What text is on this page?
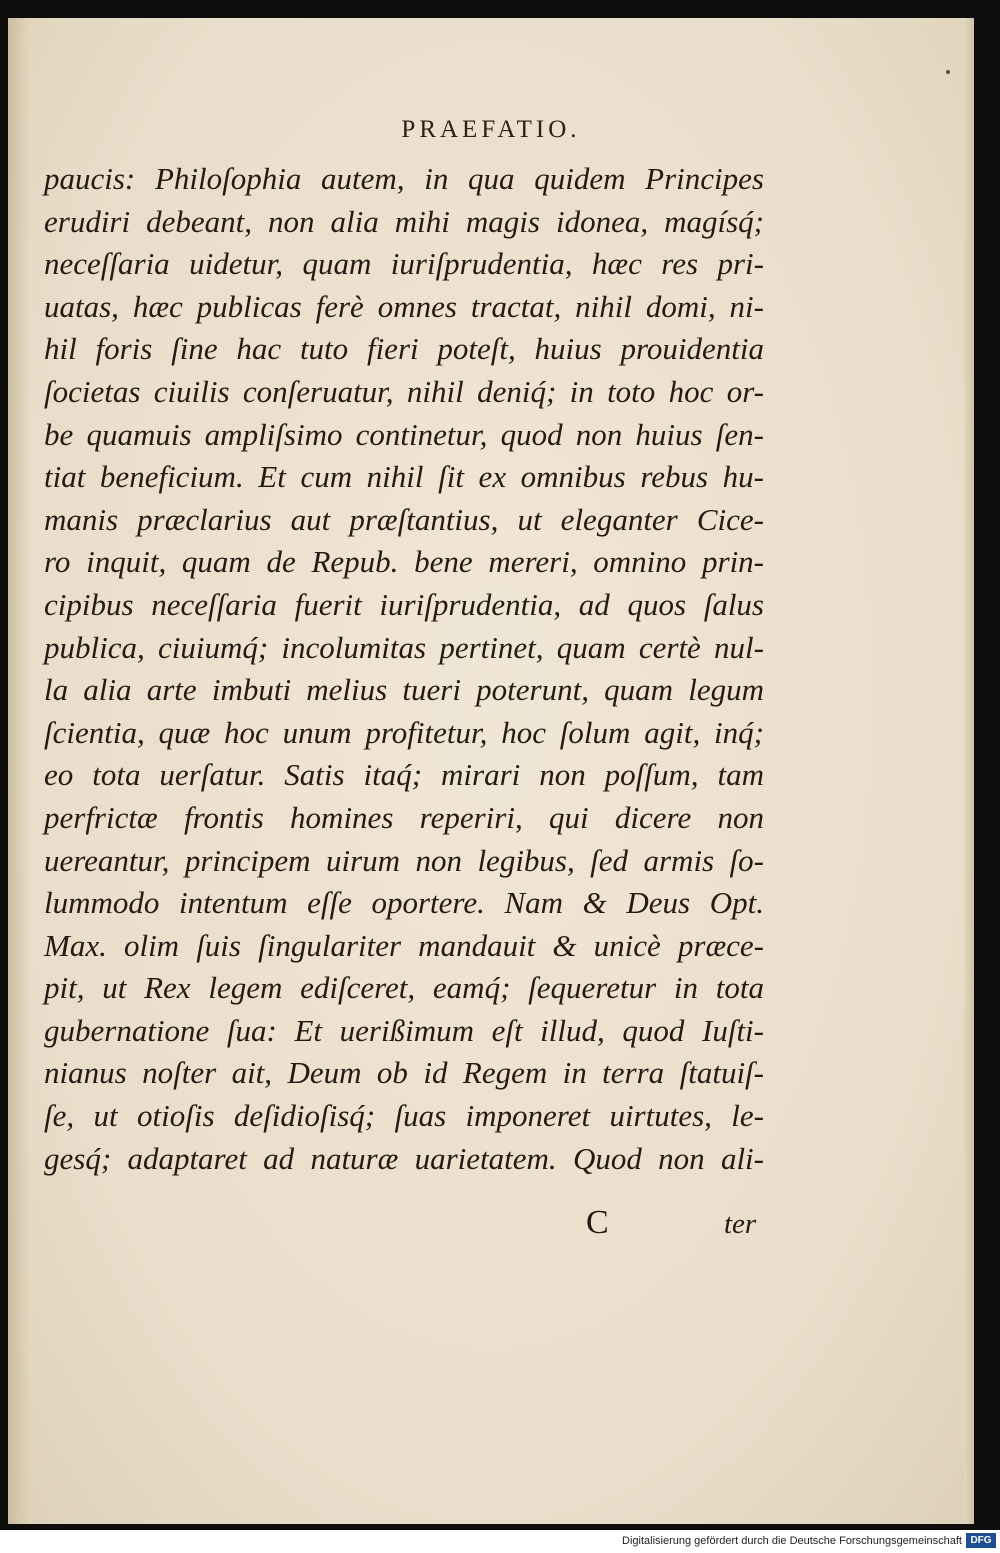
PRAEFATIO.
paucis: Philoſophia autem, in qua quidem Principes
erudiri debeant, non alia mihi magis idonea, magísq́;
neceſſaria uidetur, quam iuriſprudentia, hæc res pri-
uatas, hæc publicas ferè omnes tractat, nihil domi, ni-
hil foris ſine hac tuto fieri poteſt, huius prouidentia
ſocietas ciuilis conſeruatur, nihil deniq́; in toto hoc or-
be quamuis ampliſsimo continetur, quod non huius ſen-
tiat beneficium. Et cum nihil ſit ex omnibus rebus hu-
manis præclarius aut præſtantius, ut eleganter Cice-
ro inquit, quam de Repub. bene mereri, omnino prin-
cipibus neceſſaria fuerit iuriſprudentia, ad quos ſalus
publica, ciuiumq́; incolumitas pertinet, quam certè nul-
la alia arte imbuti melius tueri poterunt, quam legum
ſcientia, quæ hoc unum profitetur, hoc ſolum agit, inq́;
eo tota uerſatur. Satis itaq́; mirari non poſſum, tam
perfrictæ frontis homines reperiri, qui dicere non
uereantur, principem uirum non legibus, ſed armis ſo-
lummodo intentum eſſe oportere. Nam & Deus Opt.
Max. olim ſuis ſingulariter mandauit & unicè præce-
pit, ut Rex legem ediſceret, eamq́; ſequeretur in tota
gubernatione ſua: Et uerißimum eſt illud, quod Iuſti-
nianus noſter ait, Deum ob id Regem in terra ſtatuiſ-
ſe, ut otioſis deſidioſisq́; ſuas imponeret uirtutes, le-
gesq́; adaptaret ad naturæ uarietatem. Quod non ali-
C	ter
Digitalisierung gefördert durch die Deutsche Forschungsgemeinschaft DFG
